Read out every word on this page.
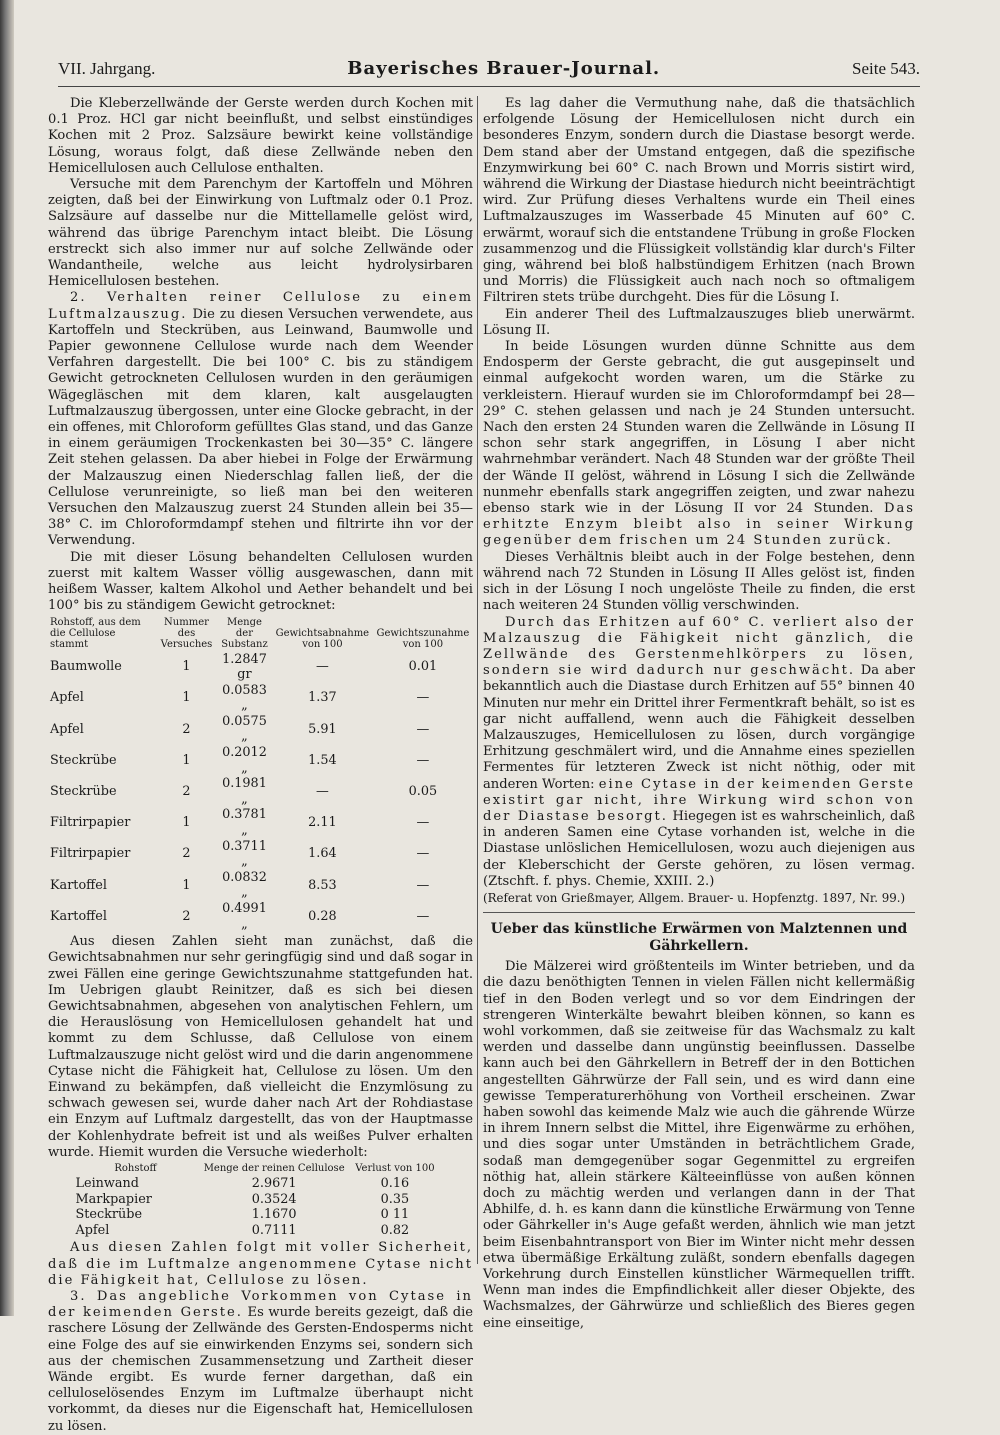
VII. Jahrgang.	Bayerisches Brauer-Journal.	Seite 543.

Die Kleberzellwände der Gerste werden durch Kochen mit 0.1 Proz. HCl gar nicht beeinflußt, und selbst einstündiges Kochen mit 2 Proz. Salzsäure bewirkt keine vollständige Lösung, woraus folgt, daß diese Zellwände neben den Hemicellulosen auch Cellulose enthalten.

Versuche mit dem Parenchym der Kartoffeln und Möhren zeigten, daß bei der Einwirkung von Luftmalz oder 0.1 Proz. Salzsäure auf dasselbe nur die Mittellamelle gelöst wird, während das übrige Parenchym intact bleibt. Die Lösung erstreckt sich also immer nur auf solche Zellwände oder Wandantheile, welche aus leicht hydrolysirbaren Hemicellulosen bestehen.

2. Verhalten reiner Cellulose zu einem Luftmalzauszug. Die zu diesen Versuchen verwendete, aus Kartoffeln und Steckrüben, aus Leinwand, Baumwolle und Papier gewonnene Cellulose wurde nach dem Weender Verfahren dargestellt. Die bei 100° C. bis zu ständigem Gewicht getrockneten Cellulosen wurden in den geräumigen Wägegläschen mit dem klaren, kalt ausgelaugten Luftmalzauszug übergossen, unter eine Glocke gebracht, in der ein offenes, mit Chloroform gefülltes Glas stand, und das Ganze in einem geräumigen Trockenkasten bei 30—35° C. längere Zeit stehen gelassen. Da aber hiebei in Folge der Erwärmung der Malzauszug einen Niederschlag fallen ließ, der die Cellulose verunreinigte, so ließ man bei den weiteren Versuchen den Malzauszug zuerst 24 Stunden allein bei 35—38° C. im Chloroformdampf stehen und filtrirte ihn vor der Verwendung.

Die mit dieser Lösung behandelten Cellulosen wurden zuerst mit kaltem Wasser völlig ausgewaschen, dann mit heißem Wasser, kaltem Alkohol und Aether behandelt und bei 100° bis zu ständigem Gewicht getrocknet:

Rohstoff, aus dem die Cellulose stammt	Nummer des Versuches	Menge der Substanz	Gewichtsabnahme von 100	Gewichtszunahme von 100
Baumwolle	1	1.2847 gr	—	0.01
Apfel	1	0.0583 „	1.37	—
Apfel	2	0.0575 „	5.91	—
Steckrübe	1	0.2012 „	1.54	—
Steckrübe	2	0.1981 „	—	0.05
Filtrirpapier	1	0.3781 „	2.11	—
Filtrirpapier	2	0.3711 „	1.64	—
Kartoffel	1	0.0832 „	8.53	—
Kartoffel	2	0.4991 „	0.28	—

Aus diesen Zahlen sieht man zunächst, daß die Gewichtsabnahmen nur sehr geringfügig sind und daß sogar in zwei Fällen eine geringe Gewichtszunahme stattgefunden hat. Im Uebrigen glaubt Reinitzer, daß es sich bei diesen Gewichtsabnahmen, abgesehen von analytischen Fehlern, um die Herauslösung von Hemicellulosen gehandelt hat und kommt zu dem Schlusse, daß Cellulose von einem Luftmalzauszuge nicht gelöst wird und die darin angenommene Cytase nicht die Fähigkeit hat, Cellulose zu lösen. Um den Einwand zu bekämpfen, daß vielleicht die Enzymlösung zu schwach gewesen sei, wurde daher nach Art der Rohdiastase ein Enzym auf Luftmalz dargestellt, das von der Hauptmasse der Kohlenhydrate befreit ist und als weißes Pulver erhalten wurde. Hiemit wurden die Versuche wiederholt:

Rohstoff	Menge der reinen Cellulose	Verlust von 100
Leinwand	2.9671	0.16
Markpapier	0.3524	0.35
Steckrübe	1.1670	0 11
Apfel	0.7111	0.82

Aus diesen Zahlen folgt mit voller Sicherheit, daß die im Luftmalze angenommene Cytase nicht die Fähigkeit hat, Cellulose zu lösen.

3. Das angebliche Vorkommen von Cytase in der keimenden Gerste. Es wurde bereits gezeigt, daß die raschere Lösung der Zellwände des Gersten-Endosperms nicht eine Folge des auf sie einwirkenden Enzyms sei, sondern sich aus der chemischen Zusammensetzung und Zartheit dieser Wände ergibt. Es wurde ferner dargethan, daß ein celluloselösendes Enzym im Luftmalze überhaupt nicht vorkommt, da dieses nur die Eigenschaft hat, Hemicellulosen zu lösen.

Es lag daher die Vermuthung nahe, daß die thatsächlich erfolgende Lösung der Hemicellulosen nicht durch ein besonderes Enzym, sondern durch die Diastase besorgt werde. Dem stand aber der Umstand entgegen, daß die spezifische Enzymwirkung bei 60° C. nach Brown und Morris sistirt wird, während die Wirkung der Diastase hiedurch nicht beeinträchtigt wird. Zur Prüfung dieses Verhaltens wurde ein Theil eines Luftmalzauszuges im Wasserbade 45 Minuten auf 60° C. erwärmt, worauf sich die entstandene Trübung in große Flocken zusammenzog und die Flüssigkeit vollständig klar durch's Filter ging, während bei bloß halbstündigem Erhitzen (nach Brown und Morris) die Flüssigkeit auch nach noch so oftmaligem Filtriren stets trübe durchgeht. Dies für die Lösung I.

Ein anderer Theil des Luftmalzauszuges blieb unerwärmt. Lösung II.

In beide Lösungen wurden dünne Schnitte aus dem Endosperm der Gerste gebracht, die gut ausgepinselt und einmal aufgekocht worden waren, um die Stärke zu verkleistern. Hierauf wurden sie im Chloroformdampf bei 28—29° C. stehen gelassen und nach je 24 Stunden untersucht. Nach den ersten 24 Stunden waren die Zellwände in Lösung II schon sehr stark angegriffen, in Lösung I aber nicht wahrnehmbar verändert. Nach 48 Stunden war der größte Theil der Wände II gelöst, während in Lösung I sich die Zellwände nunmehr ebenfalls stark angegriffen zeigten, und zwar nahezu ebenso stark wie in der Lösung II vor 24 Stunden. Das erhitzte Enzym bleibt also in seiner Wirkung gegenüber dem frischen um 24 Stunden zurück.

Dieses Verhältnis bleibt auch in der Folge bestehen, denn während nach 72 Stunden in Lösung II Alles gelöst ist, finden sich in der Lösung I noch ungelöste Theile zu finden, die erst nach weiteren 24 Stunden völlig verschwinden.

Durch das Erhitzen auf 60° C. verliert also der Malzauszug die Fähigkeit nicht gänzlich, die Zellwände des Gerstenmehlkörpers zu lösen, sondern sie wird dadurch nur geschwächt. Da aber bekanntlich auch die Diastase durch Erhitzen auf 55° binnen 40 Minuten nur mehr ein Drittel ihrer Fermentkraft behält, so ist es gar nicht auffallend, wenn auch die Fähigkeit desselben Malzauszuges, Hemicellulosen zu lösen, durch vorgängige Erhitzung geschmälert wird, und die Annahme eines speziellen Fermentes für letzteren Zweck ist nicht nöthig, oder mit anderen Worten: eine Cytase in der keimenden Gerste existirt gar nicht, ihre Wirkung wird schon von der Diastase besorgt. Hiegegen ist es wahrscheinlich, daß in anderen Samen eine Cytase vorhanden ist, welche in die Diastase unlöslichen Hemicellulosen, wozu auch diejenigen aus der Kleberschicht der Gerste gehören, zu lösen vermag. (Ztschft. f. phys. Chemie, XXIII. 2.)

(Referat von Grießmayer, Allgem. Brauer- u. Hopfenztg. 1897, Nr. 99.)

Ueber das künstliche Erwärmen von Malztennen und Gährkellern.

Die Mälzerei wird größtenteils im Winter betrieben, und da die dazu benöthigten Tennen in vielen Fällen nicht kellermäßig tief in den Boden verlegt und so vor dem Eindringen der strengeren Winterkälte bewahrt bleiben können, so kann es wohl vorkommen, daß sie zeitweise für das Wachsmalz zu kalt werden und dasselbe dann ungünstig beeinflussen. Dasselbe kann auch bei den Gährkellern in Betreff der in den Bottichen angestellten Gährwürze der Fall sein, und es wird dann eine gewisse Temperaturerhöhung von Vortheil erscheinen. Zwar haben sowohl das keimende Malz wie auch die gährende Würze in ihrem Innern selbst die Mittel, ihre Eigenwärme zu erhöhen, und dies sogar unter Umständen in beträchtlichem Grade, sodaß man demgegenüber sogar Gegenmittel zu ergreifen nöthig hat, allein stärkere Kälteeinflüsse von außen können doch zu mächtig werden und verlangen dann in der That Abhilfe, d. h. es kann dann die künstliche Erwärmung von Tenne oder Gährkeller in's Auge gefaßt werden, ähnlich wie man jetzt beim Eisenbahntransport von Bier im Winter nicht mehr dessen etwa übermäßige Erkältung zuläßt, sondern ebenfalls dagegen Vorkehrung durch Einstellen künstlicher Wärmequellen trifft. Wenn man indes die Empfindlichkeit aller dieser Objekte, des Wachsmalzes, der Gährwürze und schließlich des Bieres gegen eine einseitige,
